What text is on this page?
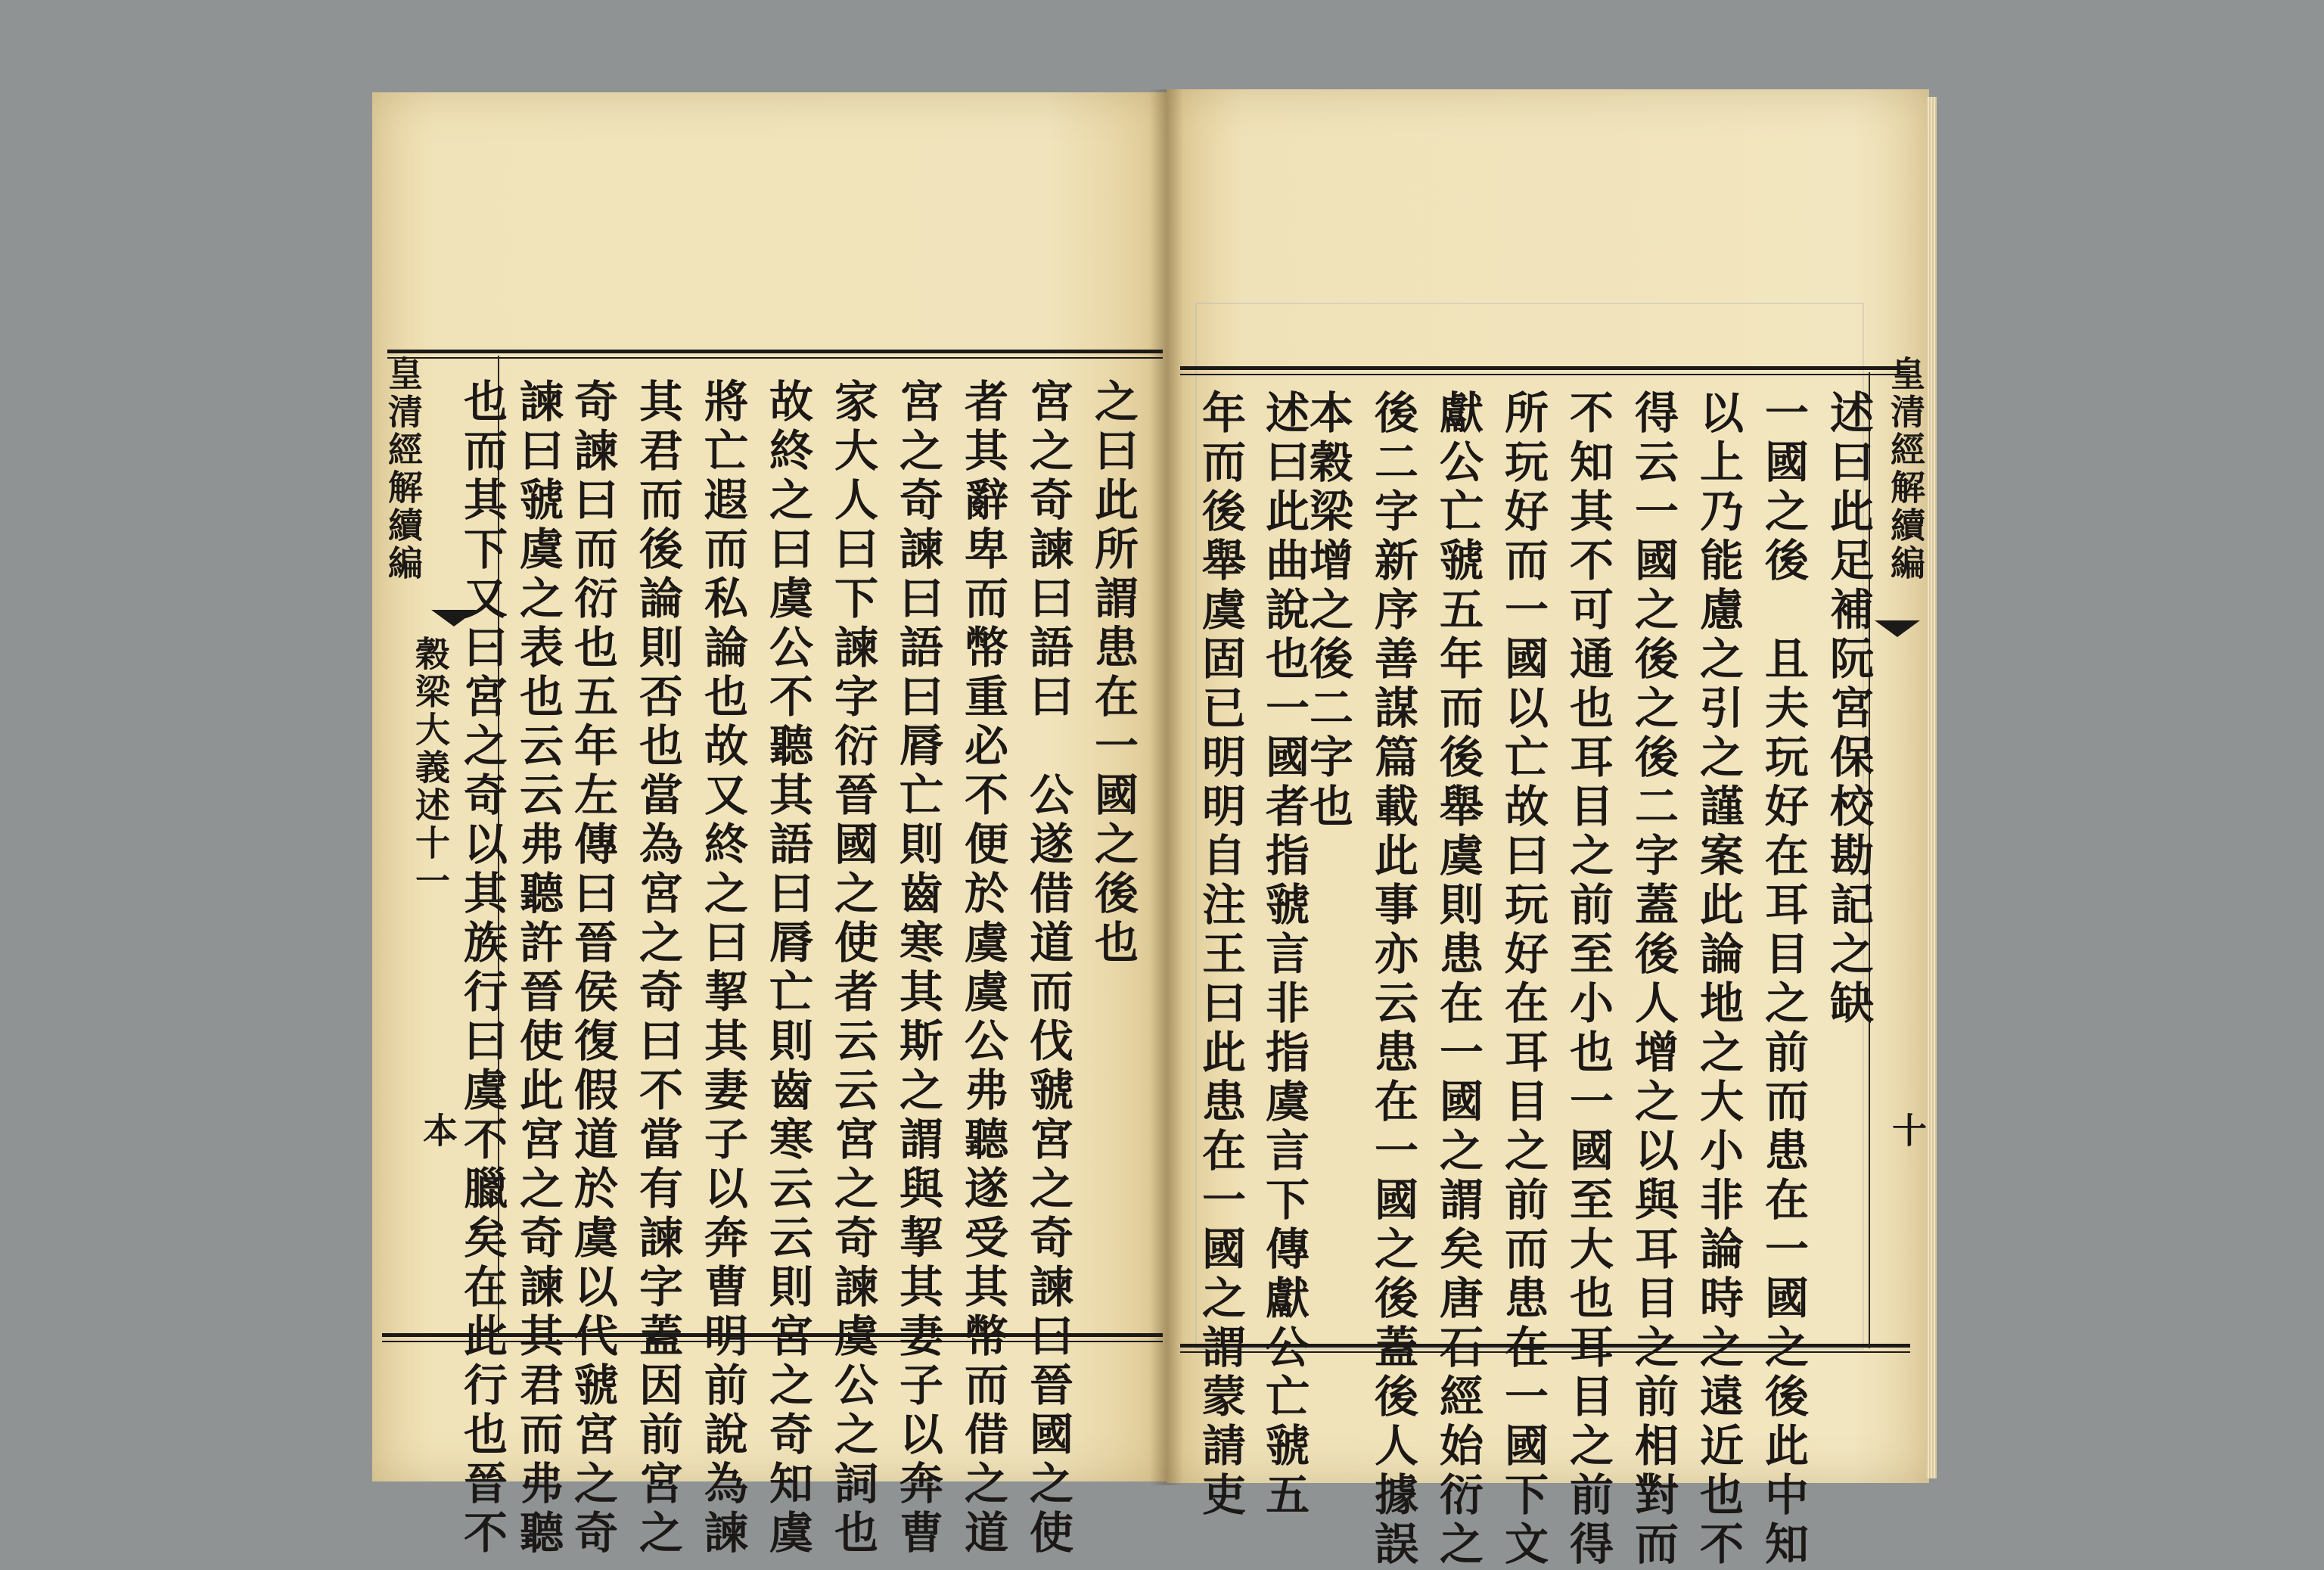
皇清經解續編
穀梁大義述十一
本
之曰此所謂患在一國之後也
宮之奇諫曰語曰　公遂借道而伐虢宮之奇諫曰晉國之使
者其辭卑而幣重必不便於虞虞公弗聽遂受其幣而借之道
宮之奇諫曰語曰脣亡則齒寒其斯之謂與挈其妻子以奔曹
家大人曰下諫字衍晉國之使者云云宮之奇諫虞公之詞也
故終之曰虞公不聽其語曰脣亡則齒寒云云則宮之奇知虞
將亡遐而私論也故又終之曰挈其妻子以奔曹明前說為諫
其君而後論則否也當為宮之奇曰不當有諫字蓋因前宮之
奇諫曰而衍也五年左傳曰晉侯復假道於虞以代虢宮之奇
諫曰虢虞之表也云云弗聽許晉使此宮之奇諫其君而弗聽
也而其下又曰宮之奇以其族行曰虞不臘矣在此行也晉不	皇清經解續編
十
述曰此足補阮宮保校勘記之缺
一國之後　且夫玩好在耳目之前而患在一國之後此中知
以上乃能慮之引之謹案此論地之大小非論時之遠近也不
得云一國之後之後二字蓋後人增之以與耳目之前相對而
不知其不可通也耳目之前至小也一國至大也耳目之前得
所玩好而一國以亡故曰玩好在耳目之前而患在一國下文
獻公亡虢五年而後舉虞則患在一國之謂矣唐石經始衍之
後二字新序善謀篇載此事亦云患在一國之後蓋後人據誤
本穀梁增之後二字也
述曰此曲說也一國者指虢言非指虞言下傳獻公亡虢五
年而後舉虞固已明明自注王曰此患在一國之謂蒙請吏
